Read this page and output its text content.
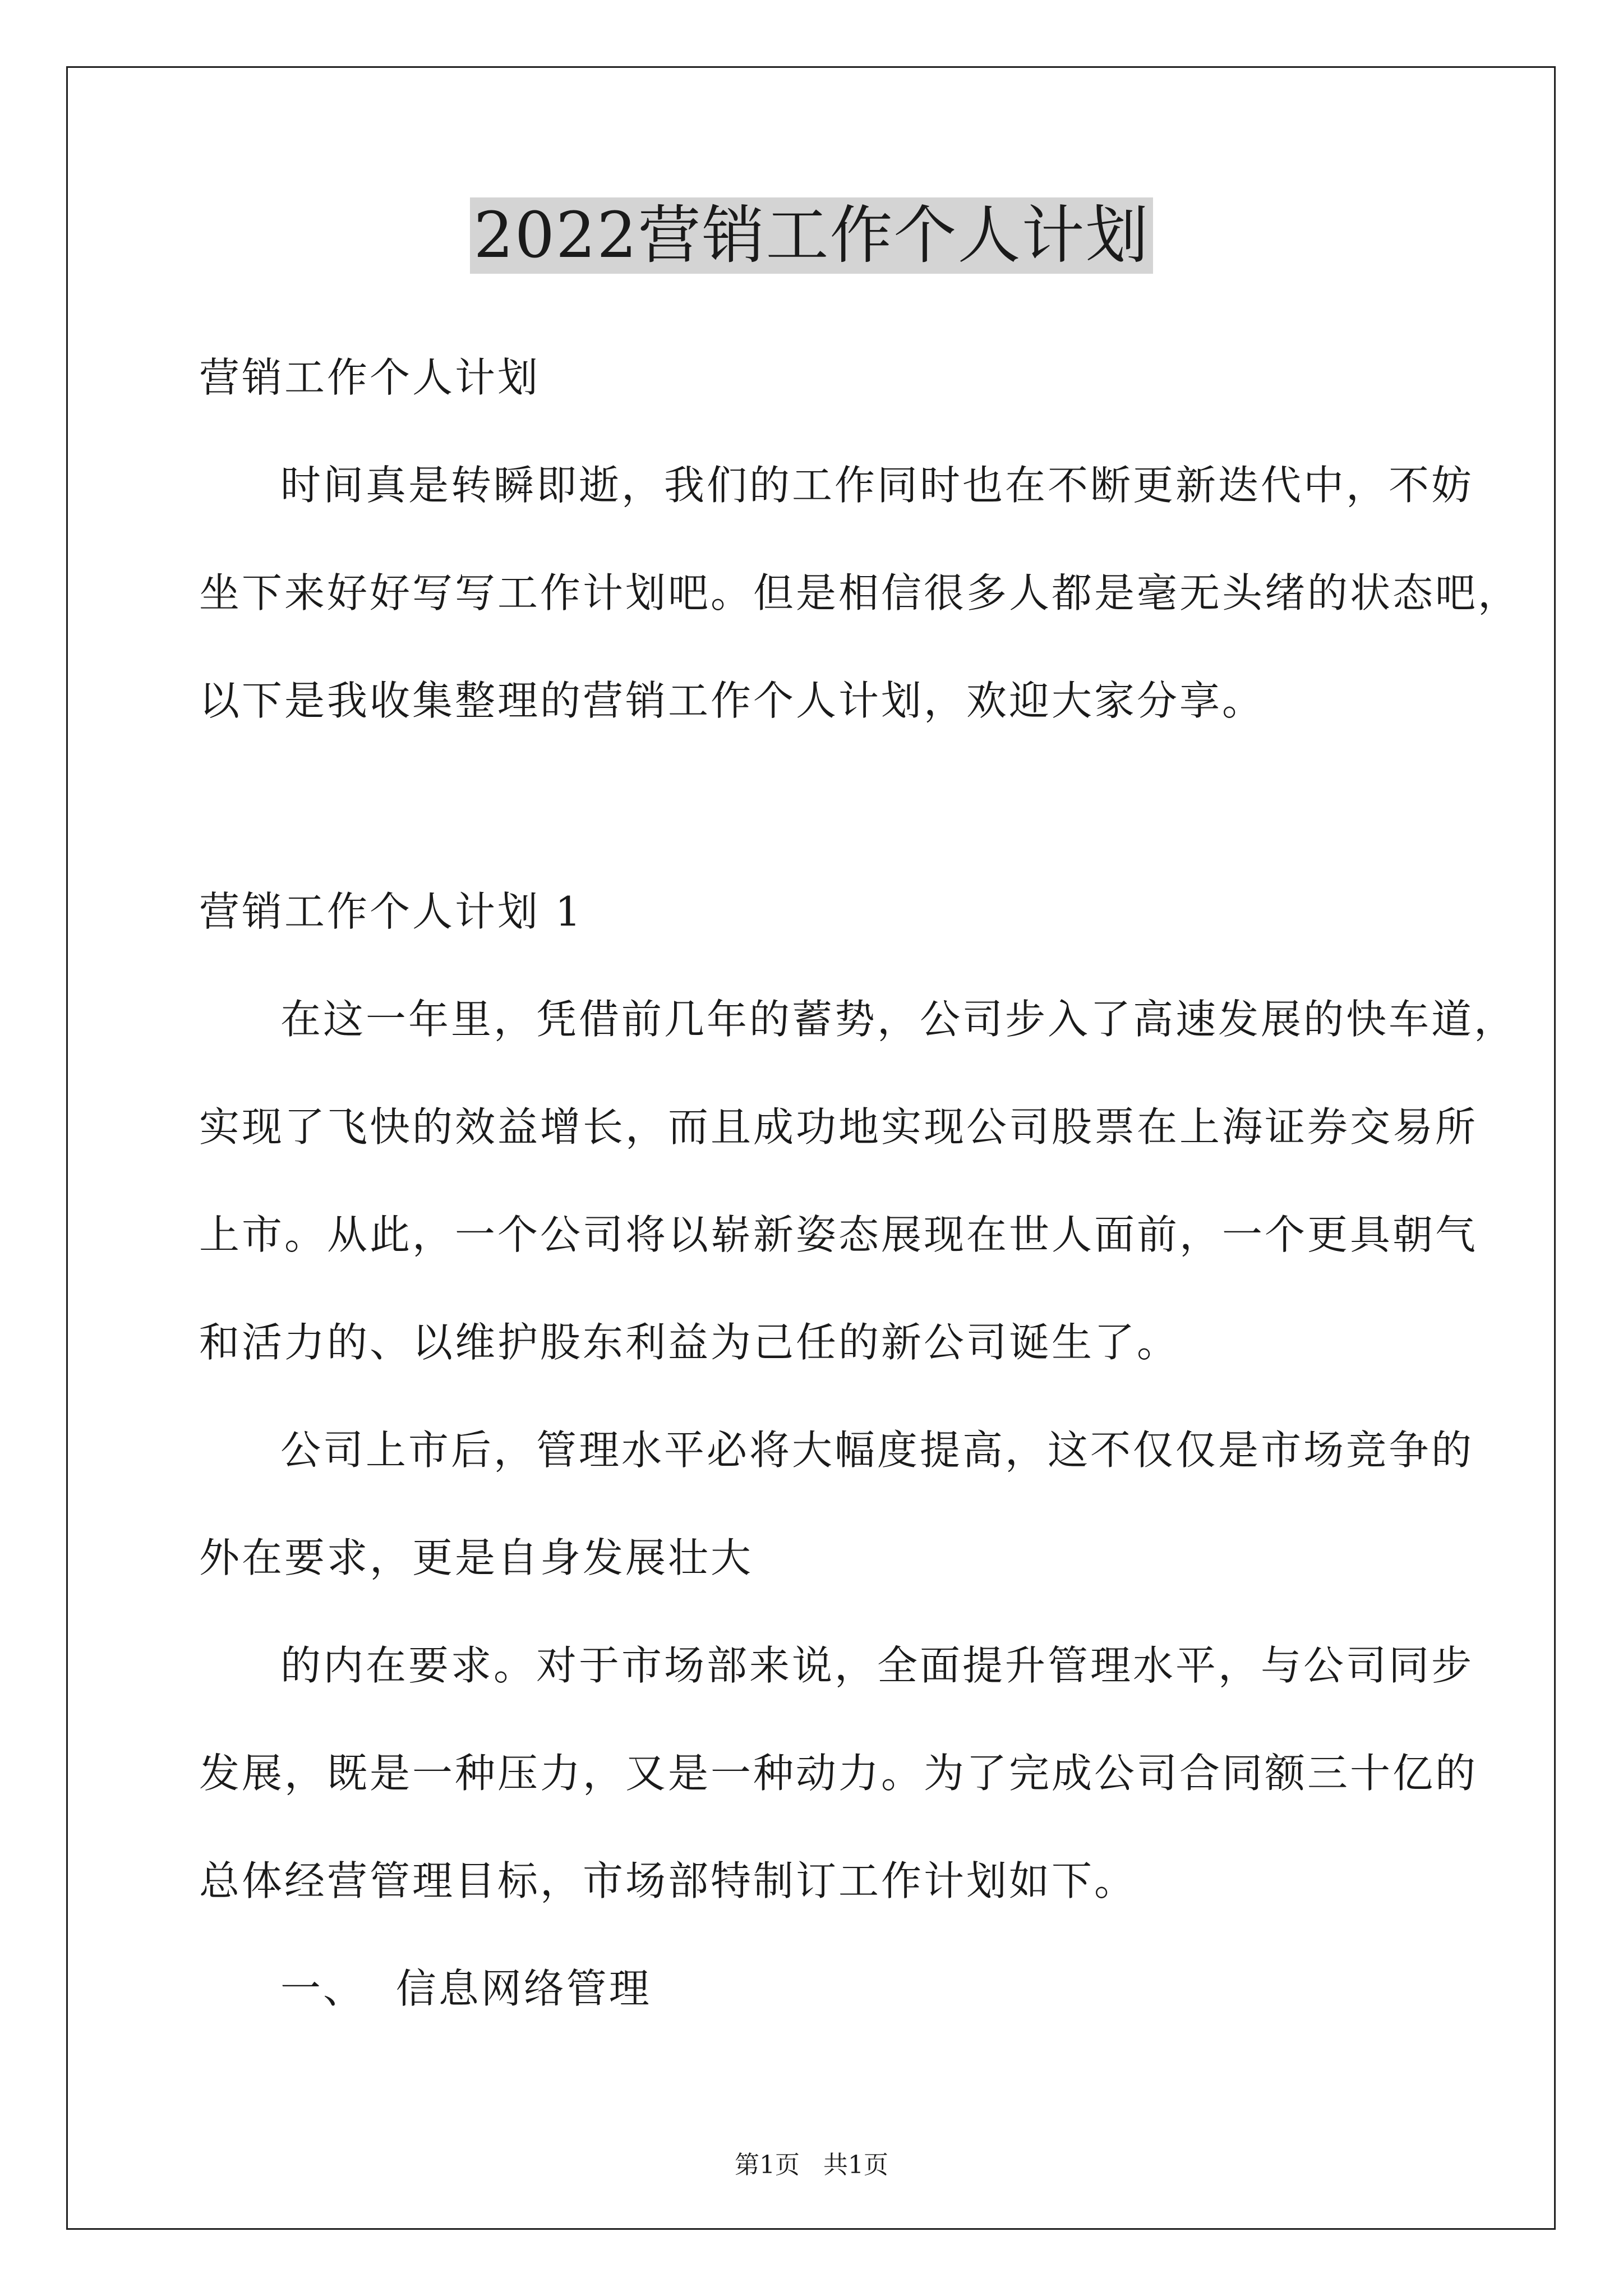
2022营销工作个人计划
营销工作个人计划
时间真是转瞬即逝，我们的工作同时也在不断更新迭代中，不妨
坐下来好好写写工作计划吧。但是相信很多人都是毫无头绪的状态吧，
以下是我收集整理的营销工作个人计划，欢迎大家分享。
营销工作个人计划 1
在这一年里，凭借前几年的蓄势，公司步入了高速发展的快车道，
实现了飞快的效益增长，而且成功地实现公司股票在上海证券交易所
上市。从此，一个公司将以崭新姿态展现在世人面前，一个更具朝气
和活力的、以维护股东利益为己任的新公司诞生了。
公司上市后，管理水平必将大幅度提高，这不仅仅是市场竞争的
外在要求，更是自身发展壮大
的内在要求。对于市场部来说，全面提升管理水平，与公司同步
发展，既是一种压力，又是一种动力。为了完成公司合同额三十亿的
总体经营管理目标，市场部特制订工作计划如下。
一、  信息网络管理
第1页 共1页
